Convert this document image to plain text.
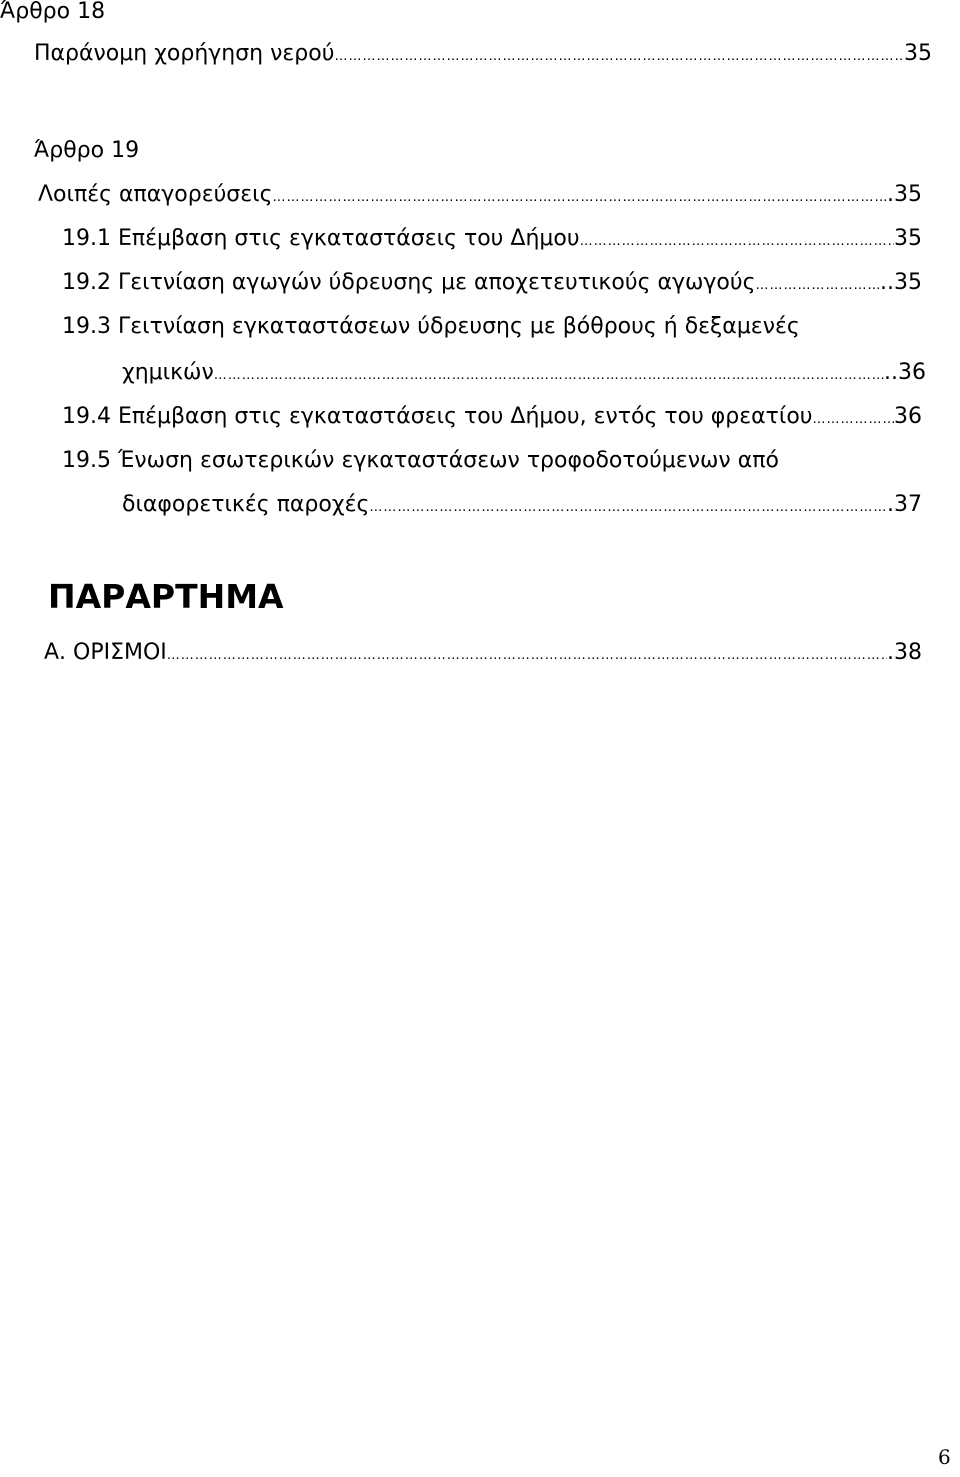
Άρθρο 18
Παράνομη χορήγηση νερού ………………………………………………………………………………………………………………………………………………………………………………………………………………………………………………………………………………………………	35
Άρθρο 19
Λοιπές απαγορεύσεις ………………………………………………………………………………………………………………………………………………………………………………………………………………………………………………………………………………………………	.35
19.1 Επέμβαση στις εγκαταστάσεις του Δήμου ………………………………………………………………………………………………………………………………………………………………………………………………………………………………………………………………………………………………	35
19.2 Γειτνίαση αγωγών ύδρευσης με αποχετευτικούς αγωγούς ………………………………………………………………………………………………………………………………………………………………………………………………………………………………………………………………………………………………	..35
19.3 Γειτνίαση εγκαταστάσεων ύδρευσης με βόθρους ή δεξαμενές
χημικών ………………………………………………………………………………………………………………………………………………………………………………………………………………………………………………………………………………………………	..36
19.4 Επέμβαση στις εγκαταστάσεις του Δήμου, εντός του φρεατίου ………………………………………………………………………………………………………………………………………………………………………………………………………………………………………………………………………………………………	36
19.5 Ένωση εσωτερικών εγκαταστάσεων τροφοδοτούμενων από
διαφορετικές παροχές ………………………………………………………………………………………………………………………………………………………………………………………………………………………………………………………………………………………………	.37
ΠΑΡΑΡΤΗΜΑ
Α. ΟΡΙΣΜΟΙ ………………………………………………………………………………………………………………………………………………………………………………………………………………………………………………………………………………………………	.38
6
